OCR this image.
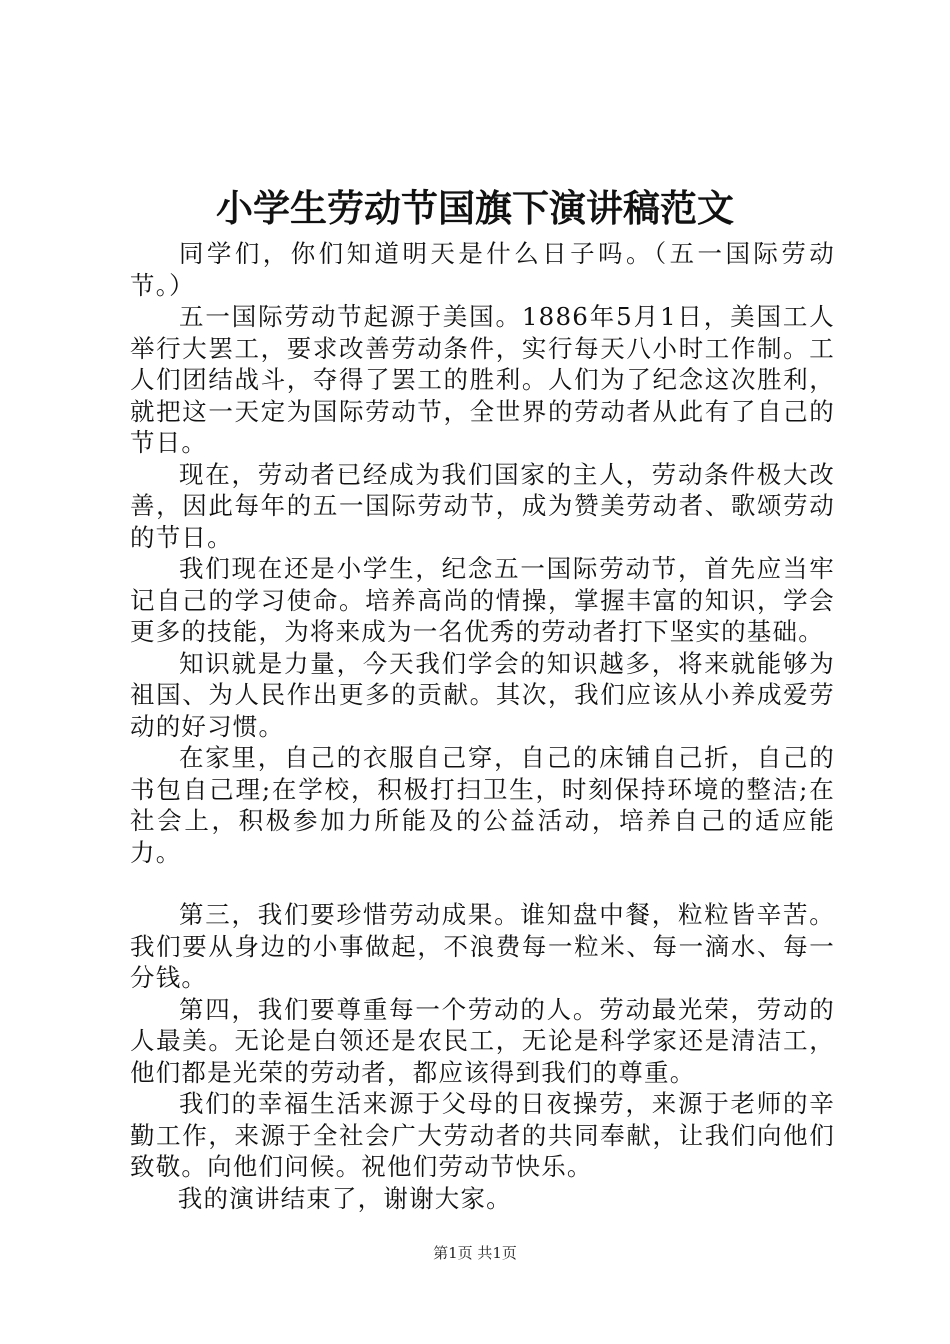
小学生劳动节国旗下演讲稿范文

同学们，你们知道明天是什么日子吗。（五一国际劳动节。）

五一国际劳动节起源于美国。1886年5月1日，美国工人举行大罢工，要求改善劳动条件，实行每天八小时工作制。工人们团结战斗，夺得了罢工的胜利。人们为了纪念这次胜利，就把这一天定为国际劳动节，全世界的劳动者从此有了自己的节日。

现在，劳动者已经成为我们国家的主人，劳动条件极大改善，因此每年的五一国际劳动节，成为赞美劳动者、歌颂劳动的节日。

我们现在还是小学生，纪念五一国际劳动节，首先应当牢记自己的学习使命。培养高尚的情操，掌握丰富的知识，学会更多的技能，为将来成为一名优秀的劳动者打下坚实的基础。

知识就是力量，今天我们学会的知识越多，将来就能够为祖国、为人民作出更多的贡献。其次，我们应该从小养成爱劳动的好习惯。

在家里，自己的衣服自己穿，自己的床铺自己折，自己的书包自己理;在学校，积极打扫卫生，时刻保持环境的整洁;在社会上，积极参加力所能及的公益活动，培养自己的适应能力。

第三，我们要珍惜劳动成果。谁知盘中餐，粒粒皆辛苦。我们要从身边的小事做起，不浪费每一粒米、每一滴水、每一分钱。

第四，我们要尊重每一个劳动的人。劳动最光荣，劳动的人最美。无论是白领还是农民工，无论是科学家还是清洁工，他们都是光荣的劳动者，都应该得到我们的尊重。

我们的幸福生活来源于父母的日夜操劳，来源于老师的辛勤工作，来源于全社会广大劳动者的共同奉献，让我们向他们致敬。向他们问候。祝他们劳动节快乐。

我的演讲结束了，谢谢大家。

第1页 共1页
